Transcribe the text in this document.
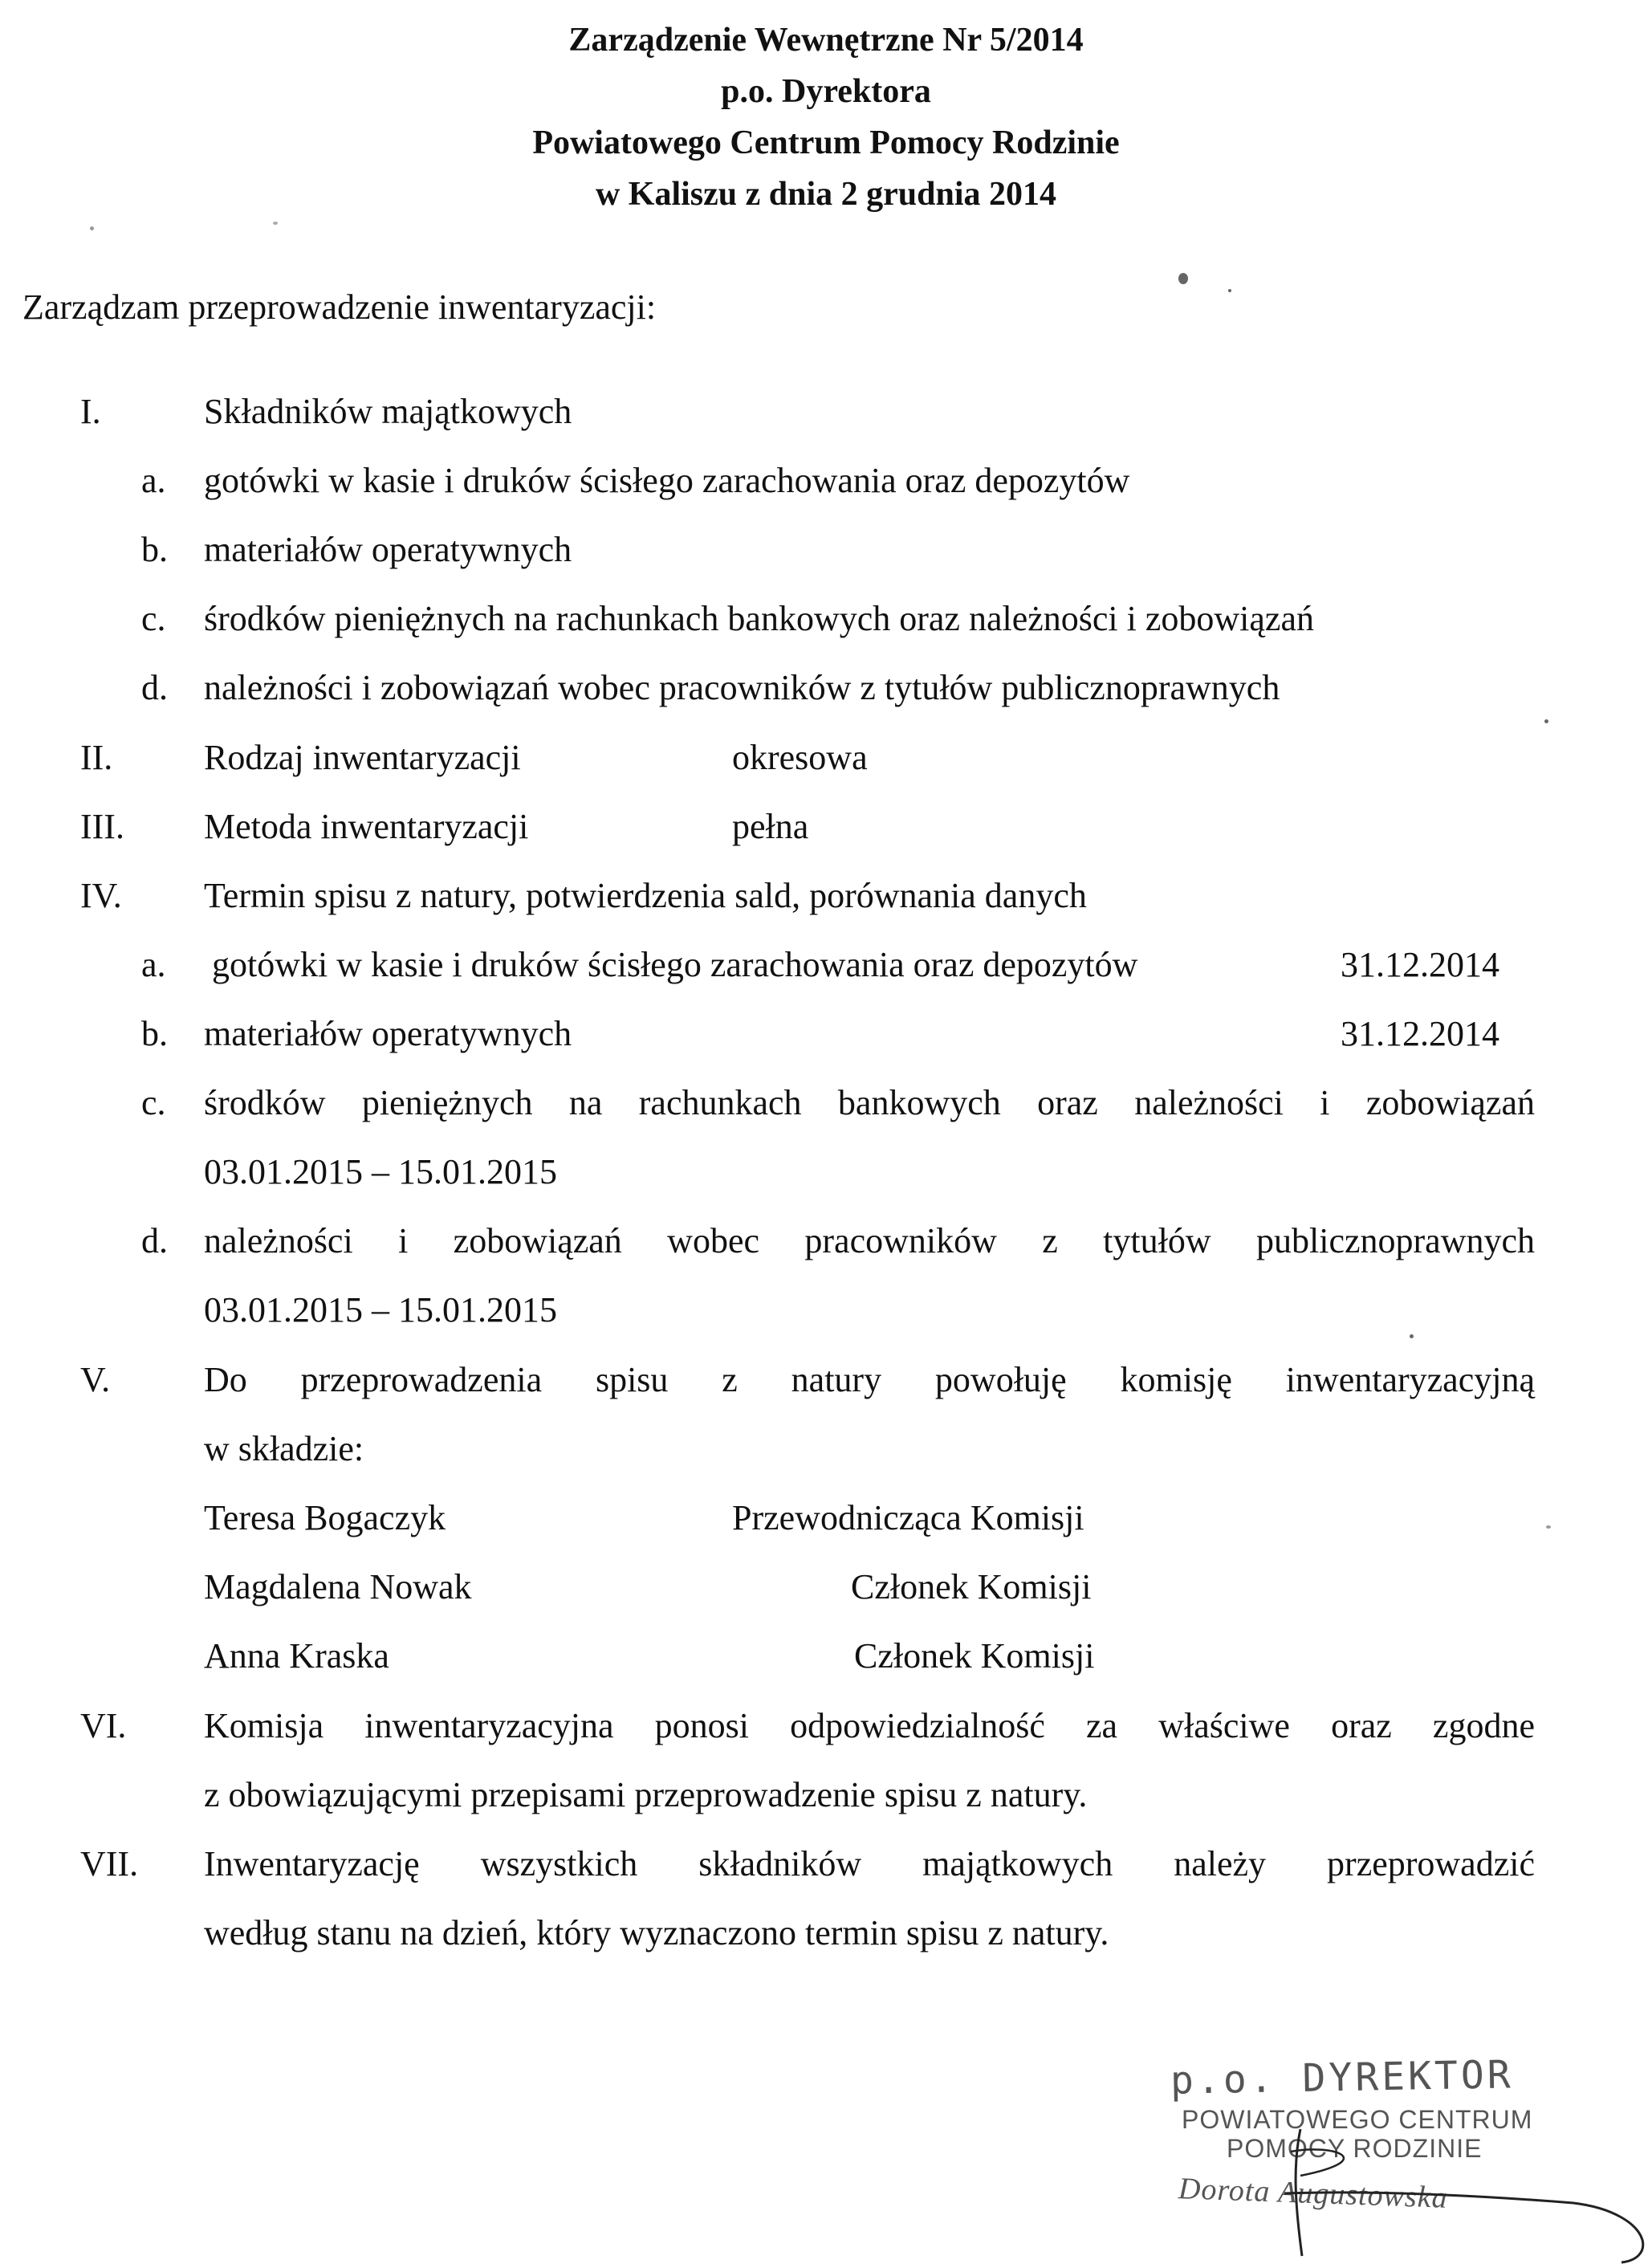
Zarządzenie Wewnętrzne Nr 5/2014
p.o. Dyrektora
Powiatowego Centrum Pomocy Rodzinie
w Kaliszu z dnia 2 grudnia 2014
Zarządzam przeprowadzenie inwentaryzacji:
I.	Składników majątkowych
a. gotówki w kasie i druków ścisłego zarachowania oraz depozytów
b. materiałów operatywnych
c. środków pieniężnych na rachunkach bankowych oraz należności i zobowiązań
d. należności i zobowiązań wobec pracowników z tytułów publicznoprawnych
II.	Rodzaj inwentaryzacji	okresowa
III. Metoda inwentaryzacji	pełna
IV. Termin spisu z natury, potwierdzenia sald, porównania danych
a. gotówki w kasie i druków ścisłego zarachowania oraz depozytów	31.12.2014
b. materiałów operatywnych	31.12.2014
c. środków pieniężnych na rachunkach bankowych oraz należności i zobowiązań
03.01.2015 – 15.01.2015
d. należności i zobowiązań wobec pracowników z tytułów publicznoprawnych
03.01.2015 – 15.01.2015
V.	Do przeprowadzenia spisu z natury powołuję komisję inwentaryzacyjną
w składzie:
Teresa Bogaczyk	Przewodnicząca Komisji
Magdalena Nowak	Członek Komisji
Anna Kraska	Członek Komisji
VI. Komisja inwentaryzacyjna ponosi odpowiedzialność za właściwe oraz zgodne
z obowiązującymi przepisami przeprowadzenie spisu z natury.
VII. Inwentaryzację wszystkich składników majątkowych należy przeprowadzić
według stanu na dzień, który wyznaczono termin spisu z natury.
p.o. DYREKTOR
POWIATOWEGO CENTRUM
POMOCY RODZINIE
Dorota Augustowska
